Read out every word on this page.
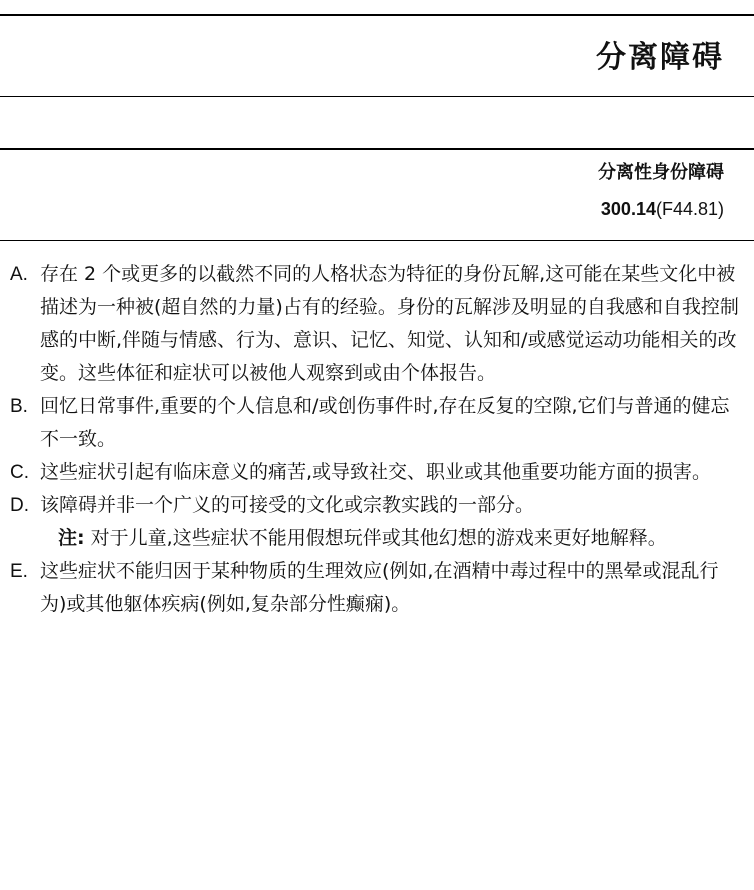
分离障碍
分离性身份障碍
300.14(F44.81)
A. 存在 2 个或更多的以截然不同的人格状态为特征的身份瓦解,这可能在某些文化中被描述为一种被(超自然的力量)占有的经验。身份的瓦解涉及明显的自我感和自我控制感的中断,伴随与情感、行为、意识、记忆、知觉、认知和/或感觉运动功能相关的改变。这些体征和症状可以被他人观察到或由个体报告。
B. 回忆日常事件,重要的个人信息和/或创伤事件时,存在反复的空隙,它们与普通的健忘不一致。
C. 这些症状引起有临床意义的痛苦,或导致社交、职业或其他重要功能方面的损害。
D. 该障碍并非一个广义的可接受的文化或宗教实践的一部分。
注: 对于儿童,这些症状不能用假想玩伴或其他幻想的游戏来更好地解释。
E. 这些症状不能归因于某种物质的生理效应(例如,在酒精中毒过程中的黑晕或混乱行为)或其他躯体疾病(例如,复杂部分性癫痫)。
